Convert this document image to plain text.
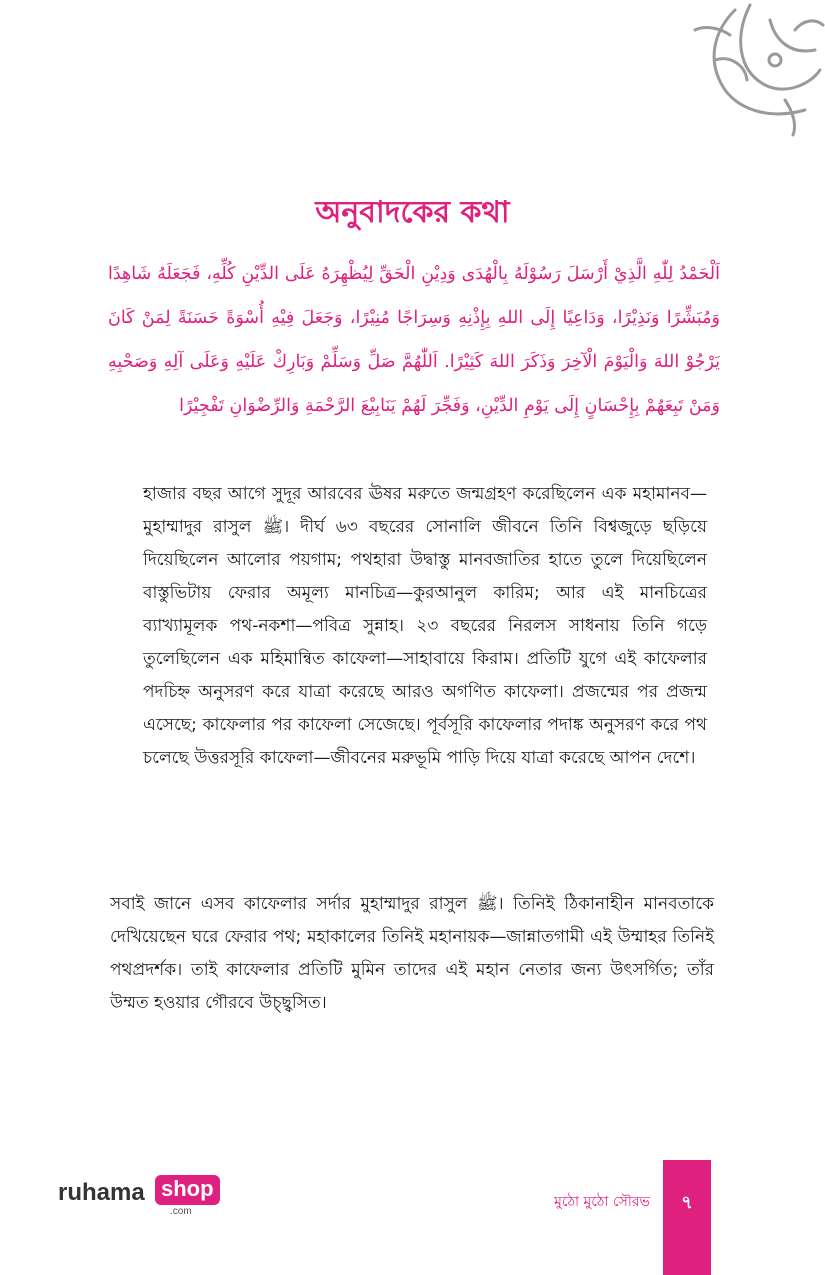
অনুবাদকের কথা
اَلْحَمْدُ لِلّٰهِ الَّذِيْ أَرْسَلَ رَسُوْلَهُ بِالْهُدَى وَدِيْنِ الْحَقِّ لِيُظْهِرَهُ عَلَى الدِّيْنِ كُلِّهِ، فَجَعَلَهُ شَاهِدًا وَمُبَشِّرًا وَنَذِيْرًا، وَدَاعِيًا إِلَى اللهِ بِإِذْنِهِ وَسِرَاجًا مُنِيْرًا، وَجَعَلَ فِيْهِ أُسْوَةً حَسَنَةً لِمَنْ كَانَ يَرْجُوْ اللهَ وَالْيَوْمَ الْآخِرَ وَذَكَرَ اللهَ كَثِيْرًا. اَللّٰهُمَّ صَلِّ وَسَلِّمْ وَبَارِكْ عَلَيْهِ وَعَلَى آلِهِ وَصَحْبِهِ وَمَنْ تَبِعَهُمْ بِإِحْسَانٍ إِلَى يَوْمِ الدِّيْنِ، وَفَجِّرَ لَهُمْ يَنَابِيْعَ الرَّحْمَةِ وَالرِّضْوَانِ تَفْجِيْرًا
হাজার বছর আগে সুদূর আরবের ঊষর মরুতে জন্মগ্রহণ করেছিলেন এক মহামানব—মুহাম্মাদুর রাসুল ﷺ। দীর্ঘ ৬৩ বছরের সোনালি জীবনে তিনি বিশ্বজুড়ে ছড়িয়ে দিয়েছিলেন আলোর পয়গাম; পথহারা উদ্বাস্তু মানবজাতির হাতে তুলে দিয়েছিলেন বাস্তুভিটায় ফেরার অমূল্য মানচিত্র—কুরআনুল কারিম; আর এই মানচিত্রের ব্যাখ্যামূলক পথ-নকশা—পবিত্র সুন্নাহ। ২৩ বছরের নিরলস সাধনায় তিনি গড়ে তুলেছিলেন এক মহিমান্বিত কাফেলা—সাহাবায়ে কিরাম। প্রতিটি যুগে এই কাফেলার পদচিহ্ন অনুসরণ করে যাত্রা করেছে আরও অগণিত কাফেলা। প্রজন্মের পর প্রজন্ম এসেছে; কাফেলার পর কাফেলা সেজেছে। পূর্বসূরি কাফেলার পদাঙ্ক অনুসরণ করে পথ চলেছে উত্তরসূরি কাফেলা—জীবনের মরুভূমি পাড়ি দিয়ে যাত্রা করেছে আপন দেশে।
সবাই জানে এসব কাফেলার সর্দার মুহাম্মাদুর রাসুল ﷺ। তিনিই ঠিকানাহীন মানবতাকে দেখিয়েছেন ঘরে ফেরার পথ; মহাকালের তিনিই মহানায়ক—জান্নাতগামী এই উম্মাহর তিনিই পথপ্রদর্শক। তাই কাফেলার প্রতিটি মুমিন তাদের এই মহান নেতার জন্য উৎসর্গিত; তাঁর উম্মত হওয়ার গৌরবে উচ্ছ্বসিত।
ruhama shop
.com
মুঠো মুঠো সৌরভ	৭
